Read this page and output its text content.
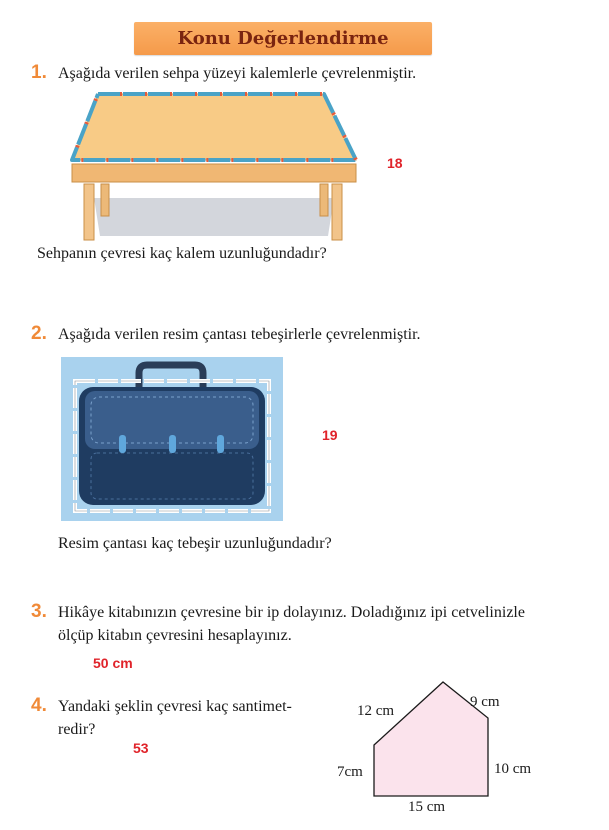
Konu Değerlendirme
1. Aşağıda verilen sehpa yüzeyi kalemlerle çevrelenmiştir.
18
Sehpanın çevresi kaç kalem uzunluğundadır?
2. Aşağıda verilen resim çantası tebeşirlerle çevrelenmiştir.
19
Resim çantası kaç tebeşir uzunluğundadır?
3. Hikâye kitabınızın çevresine bir ip dolayınız. Doladığınız ipi cetvelinizle
ölçüp kitabın çevresini hesaplayınız.
50 cm
4. Yandaki şeklin çevresi kaç santimet-
redir?
53
12 cm
9 cm
7cm	10 cm
15 cm
